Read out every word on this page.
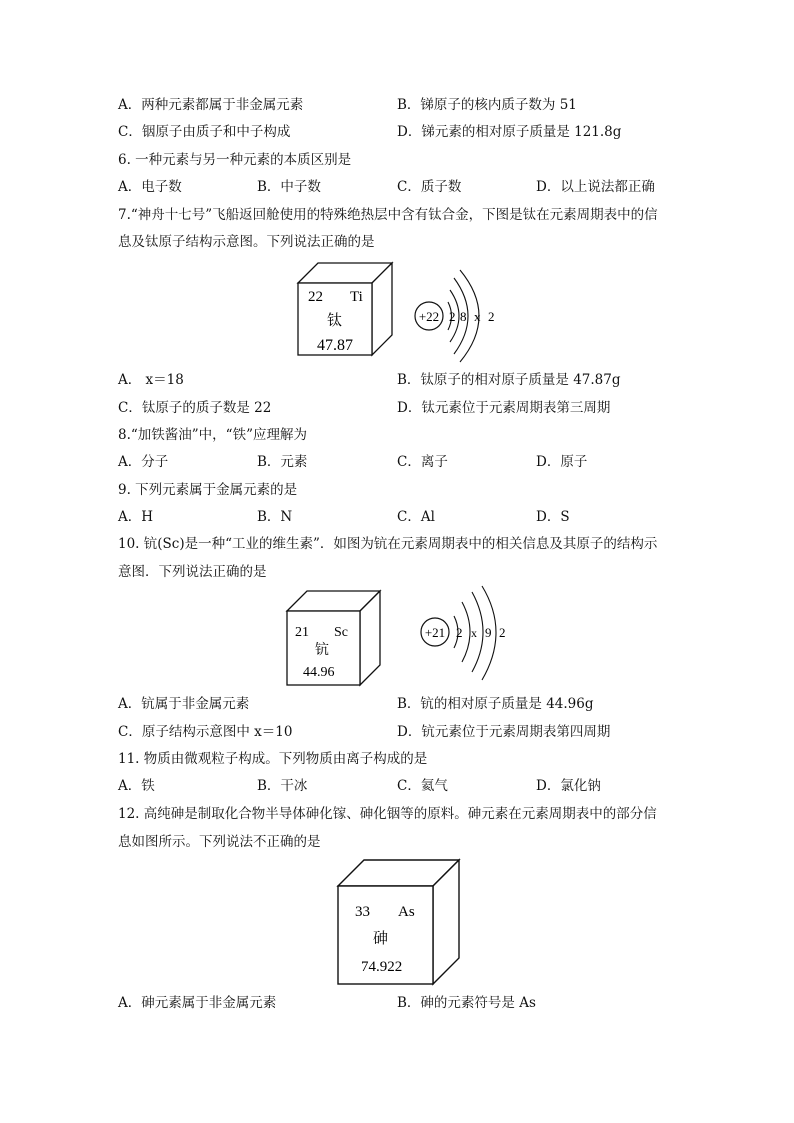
A．两种元素都属于非金属元素	B．锑原子的核内质子数为 51
C．铟原子由质子和中子构成	D．锑元素的相对原子质量是 121.8g
6. 一种元素与另一种元素的本质区别是
A．电子数	B．中子数	C．质子数	D．以上说法都正确
7.“神舟十七号”飞船返回舱使用的特殊绝热层中含有钛合金，下图是钛在元素周期表中的信
息及钛原子结构示意图。下列说法正确的是
22 Ti
钛
47.87
+22 2 8 x 2
A． x＝18	B．钛原子的相对原子质量是 47.87g
C．钛原子的质子数是 22	D．钛元素位于元素周期表第三周期
8.“加铁酱油”中，“铁”应理解为
A．分子	B．元素	C．离子	D．原子
9. 下列元素属于金属元素的是
A．H	B．N	C．Al	D．S
10. 钪(Sc)是一种“工业的维生素”．如图为钪在元素周期表中的相关信息及其原子的结构示
意图．下列说法正确的是
21 Sc
钪
44.96
+21 2 x 9 2
A．钪属于非金属元素	B．钪的相对原子质量是 44.96g
C．原子结构示意图中 x＝10	D．钪元素位于元素周期表第四周期
11. 物质由微观粒子构成。下列物质由离子构成的是
A．铁	B．干冰	C．氦气	D．氯化钠
12. 高纯砷是制取化合物半导体砷化镓、砷化铟等的原料。砷元素在元素周期表中的部分信
息如图所示。下列说法不正确的是
33 As
砷
74.922
A．砷元素属于非金属元素	B．砷的元素符号是 As
